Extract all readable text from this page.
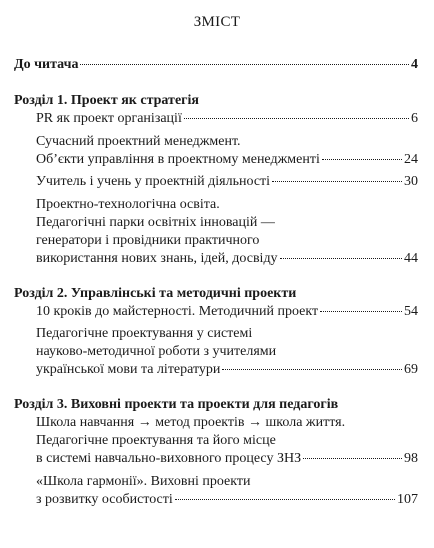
ЗМІСТ
До читача	4
Розділ 1. Проект як стратегія
PR як проект організації	6
Сучасний проектний менеджмент.
Об’єкти управління в проектному менеджменті	24
Учитель і учень у проектній діяльності	30
Проектно-технологічна освіта.
Педагогічні парки освітніх інновацій —
генератори і провідники практичного
використання нових знань, ідей, досвіду	44
Розділ 2. Управлінські та методичні проекти
10 кроків до майстерності. Методичний проект	54
Педагогічне проектування у системі
науково-методичної роботи з учителями
української мови та літератури	69
Розділ 3. Виховні проекти та проекти для педагогів
Школа навчання → метод проектів → школа життя.
Педагогічне проектування та його місце
в системі навчально-виховного процесу ЗНЗ	98
«Школа гармонії». Виховні проекти
з розвитку особистості	107
